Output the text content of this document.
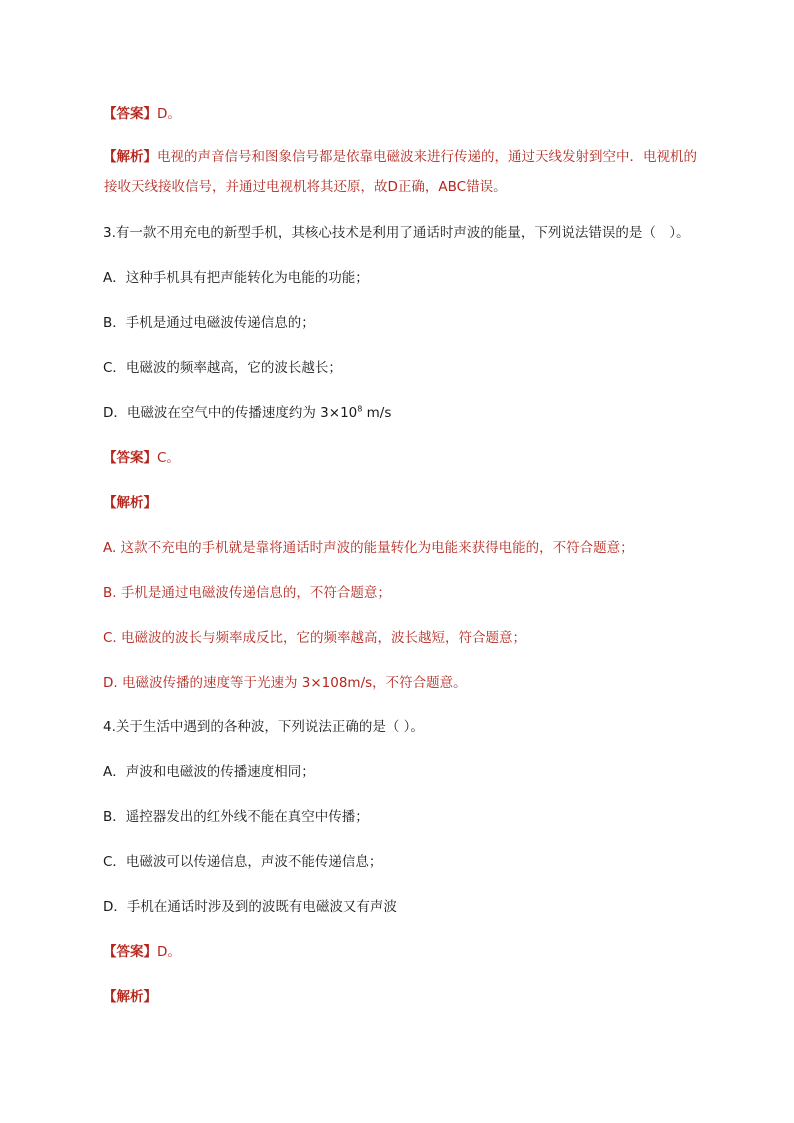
【答案】D。
【解析】电视的声音信号和图象信号都是依靠电磁波来进行传递的，通过天线发射到空中．电视机的
接收天线接收信号，并通过电视机将其还原，故D正确，ABC错误。
3.有一款不用充电的新型手机，其核心技术是利用了通话时声波的能量，下列说法错误的是（　）。
A．这种手机具有把声能转化为电能的功能；
B．手机是通过电磁波传递信息的；
C．电磁波的频率越高，它的波长越长；
D．电磁波在空气中的传播速度约为 $3\times 10^8$ m/s
【答案】C。
【解析】
A. 这款不充电的手机就是靠将通话时声波的能量转化为电能来获得电能的，不符合题意；
B. 手机是通过电磁波传递信息的，不符合题意；
C. 电磁波的波长与频率成反比，它的频率越高，波长越短，符合题意；
D. 电磁波传播的速度等于光速为 3×108m/s，不符合题意。
4.关于生活中遇到的各种波，下列说法正确的是（ ）。
A．声波和电磁波的传播速度相同；
B．遥控器发出的红外线不能在真空中传播；
C．电磁波可以传递信息，声波不能传递信息；
D．手机在通话时涉及到的波既有电磁波又有声波
【答案】D。
【解析】
